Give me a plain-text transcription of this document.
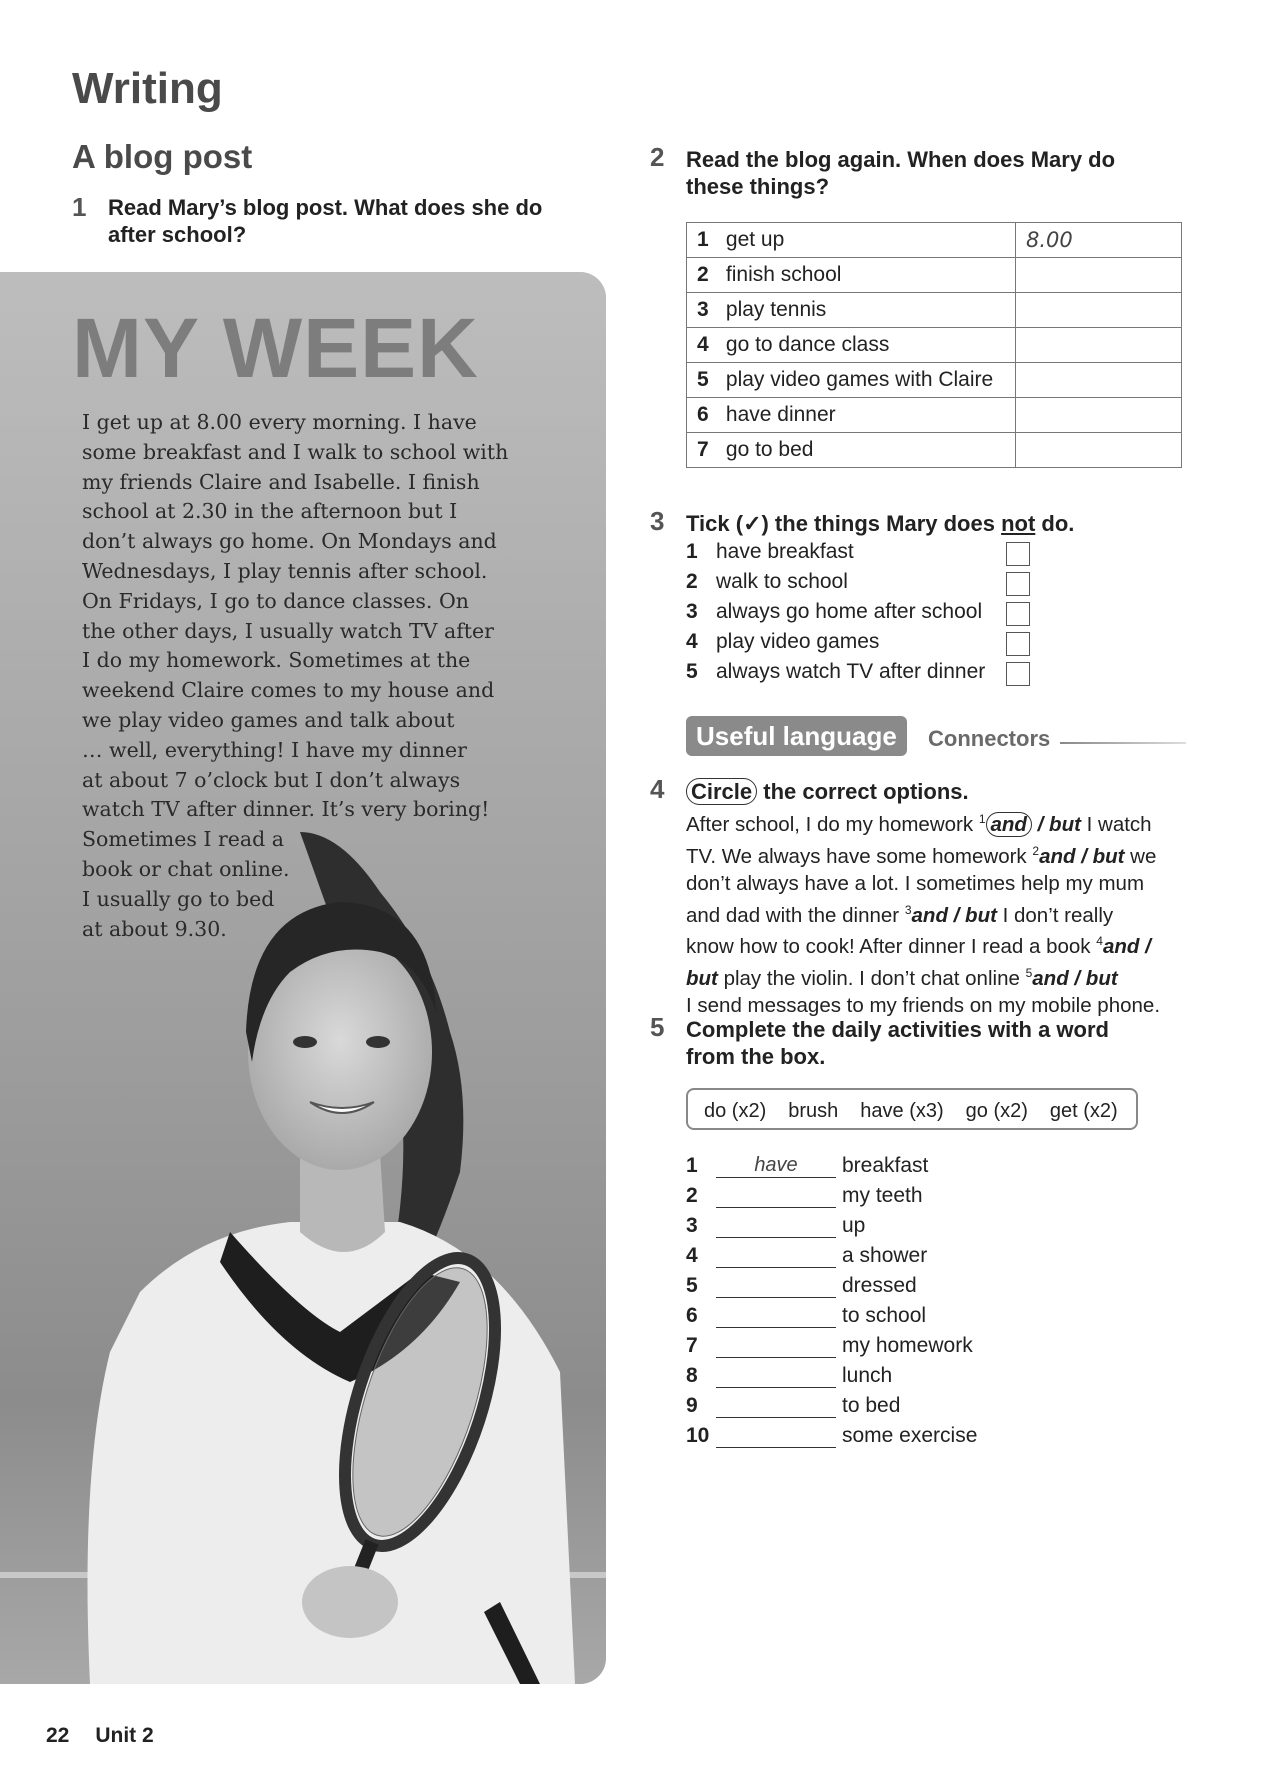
Writing
A blog post
1 Read Mary’s blog post. What does she do
after school?
MY WEEK
I get up at 8.00 every morning. I have
some breakfast and I walk to school with
my friends Claire and Isabelle. I finish
school at 2.30 in the afternoon but I
don’t always go home. On Mondays and
Wednesdays, I play tennis after school.
On Fridays, I go to dance classes. On
the other days, I usually watch TV after
I do my homework. Sometimes at the
weekend Claire comes to my house and
we play video games and talk about
… well, everything! I have my dinner
at about 7 o’clock but I don’t always
watch TV after dinner. It’s very boring!
Sometimes I read a
book or chat online.
I usually go to bed
at about 9.30.
2 Read the blog again. When does Mary do
these things?
1	get up	8.00
2	finish school	
3	play tennis	
4	go to dance class	
5	play video games with Claire	
6	have dinner	
7	go to bed	
3 Tick (✓) the things Mary does not do.
1 have breakfast
2 walk to school
3 always go home after school
4 play video games
5 always watch TV after dinner
Useful language	Connectors
4 Circle the correct options.
After school, I do my homework $^1$ and / but I watch
TV. We always have some homework $^2$and / but we
don’t always have a lot. I sometimes help my mum
and dad with the dinner $^3$and / but I don’t really
know how to cook! After dinner I read a book $^4$and /
but play the violin. I don’t chat online $^5$and / but
I send messages to my friends on my mobile phone.
5 Complete the daily activities with a word
from the box.
do (x2) brush have (x3) go (x2) get (x2)
1	have breakfast
2	my teeth
3	up
4	a shower
5	dressed
6	to school
7	my homework
8	lunch
9	to bed
10	some exercise
22 Unit 2
